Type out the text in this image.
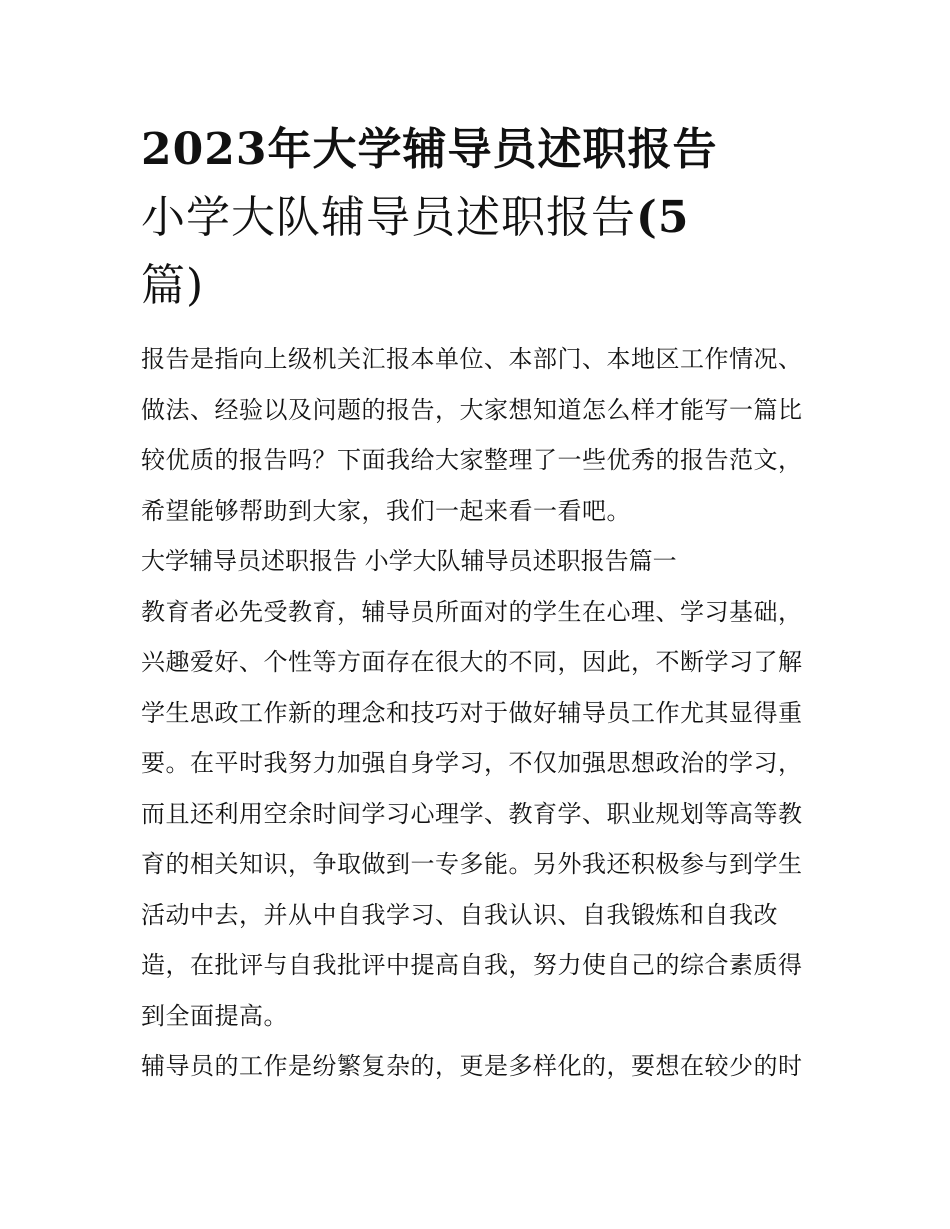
2023年大学辅导员述职报告
小学大队辅导员述职报告(5
篇)
报告是指向上级机关汇报本单位、本部门、本地区工作情况、
做法、经验以及问题的报告，大家想知道怎么样才能写一篇比
较优质的报告吗？下面我给大家整理了一些优秀的报告范文，
希望能够帮助到大家，我们一起来看一看吧。
大学辅导员述职报告 小学大队辅导员述职报告篇一
教育者必先受教育，辅导员所面对的学生在心理、学习基础，
兴趣爱好、个性等方面存在很大的不同，因此，不断学习了解
学生思政工作新的理念和技巧对于做好辅导员工作尤其显得重
要。在平时我努力加强自身学习，不仅加强思想政治的学习，
而且还利用空余时间学习心理学、教育学、职业规划等高等教
育的相关知识，争取做到一专多能。另外我还积极参与到学生
活动中去，并从中自我学习、自我认识、自我锻炼和自我改
造，在批评与自我批评中提高自我，努力使自己的综合素质得
到全面提高。
辅导员的工作是纷繁复杂的，更是多样化的，要想在较少的时
